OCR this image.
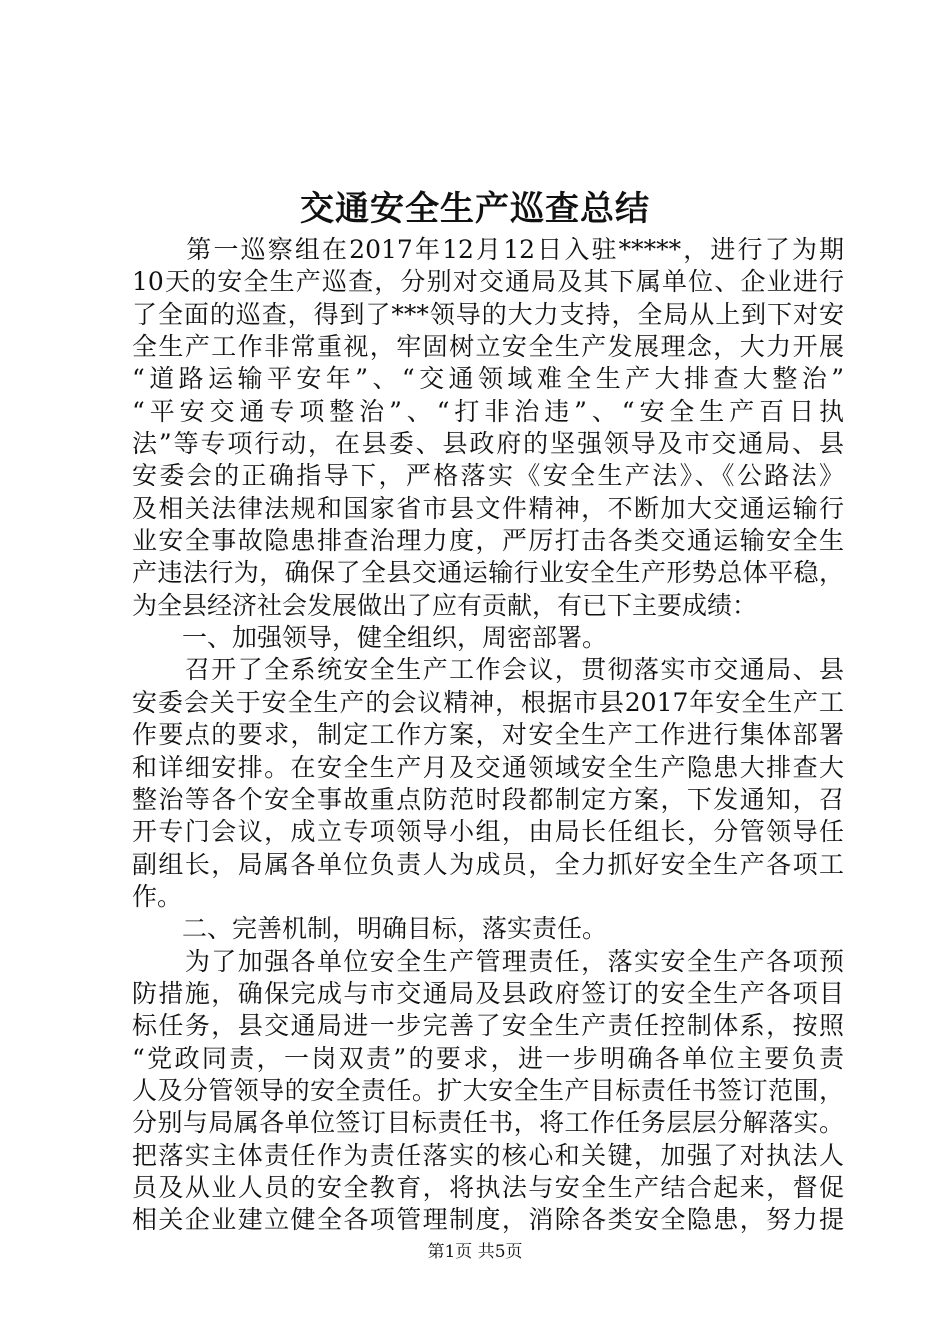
交通安全生产巡查总结
　　第一巡察组在2017年12月12日入驻*****，进行了为期
10天的安全生产巡查，分别对交通局及其下属单位、企业进行
了全面的巡查，得到了***领导的大力支持，全局从上到下对安
全生产工作非常重视，牢固树立安全生产发展理念，大力开展
“道路运输平安年”、“交通领域难全生产大排查大整治”
“平安交通专项整治”、“打非治违”、“安全生产百日执
法”等专项行动，在县委、县政府的坚强领导及市交通局、县
安委会的正确指导下，严格落实《安全生产法》、《公路法》
及相关法律法规和国家省市县文件精神，不断加大交通运输行
业安全事故隐患排查治理力度，严厉打击各类交通运输安全生
产违法行为，确保了全县交通运输行业安全生产形势总体平稳，
为全县经济社会发展做出了应有贡献，有已下主要成绩：
　　一、加强领导，健全组织，周密部署。
　　召开了全系统安全生产工作会议，贯彻落实市交通局、县
安委会关于安全生产的会议精神，根据市县2017年安全生产工
作要点的要求，制定工作方案，对安全生产工作进行集体部署
和详细安排。在安全生产月及交通领域安全生产隐患大排查大
整治等各个安全事故重点防范时段都制定方案，下发通知，召
开专门会议，成立专项领导小组，由局长任组长，分管领导任
副组长，局属各单位负责人为成员，全力抓好安全生产各项工
作。
　　二、完善机制，明确目标，落实责任。
　　为了加强各单位安全生产管理责任，落实安全生产各项预
防措施，确保完成与市交通局及县政府签订的安全生产各项目
标任务，县交通局进一步完善了安全生产责任控制体系，按照
“党政同责，一岗双责”的要求，进一步明确各单位主要负责
人及分管领导的安全责任。扩大安全生产目标责任书签订范围，
分别与局属各单位签订目标责任书，将工作任务层层分解落实。
把落实主体责任作为责任落实的核心和关键，加强了对执法人
员及从业人员的安全教育，将执法与安全生产结合起来，督促
相关企业建立健全各项管理制度，消除各类安全隐患，努力提
第1页 共5页
